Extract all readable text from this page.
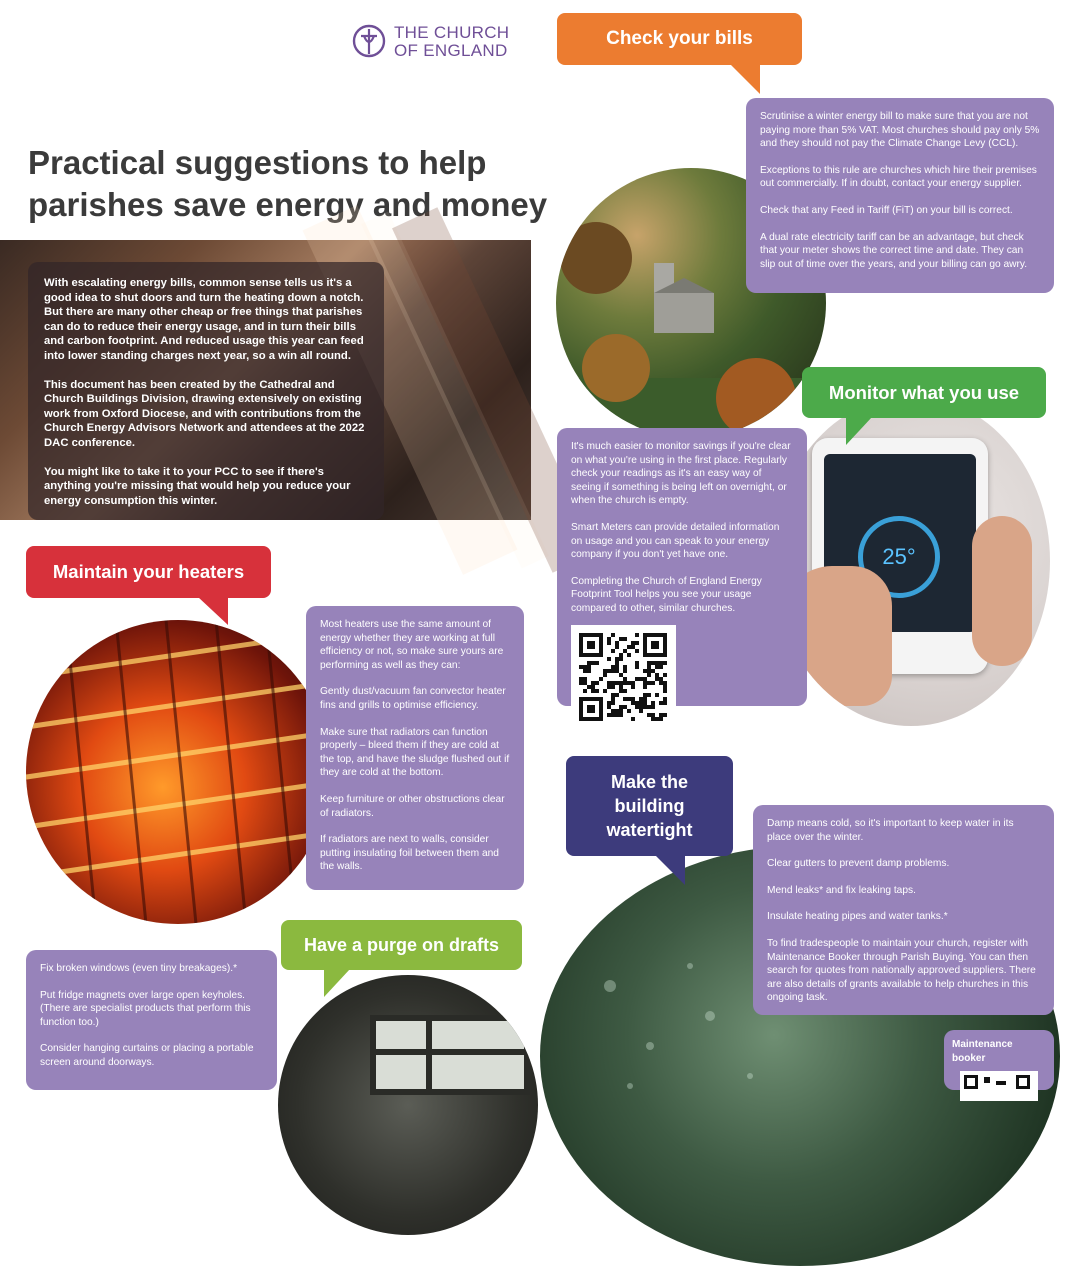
THE CHURCH
OF ENGLAND
Practical suggestions to help
parishes save energy and money

With escalating energy bills, common sense tells us it's a good idea to shut doors and turn the heating down a notch. But there are many other cheap or free things that parishes can do to reduce their energy usage, and in turn their bills and carbon footprint. And reduced usage this year can feed into lower standing charges next year, so a win all round.

This document has been created by the Cathedral and Church Buildings Division, drawing extensively on existing work from Oxford Diocese, and with contributions from the Church Energy Advisors Network and attendees at the 2022 DAC conference.

You might like to take it to your PCC to see if there's anything you're missing that would help you reduce your energy consumption this winter.

Check your bills

Scrutinise a winter energy bill to make sure that you are not paying more than 5% VAT. Most churches should pay only 5% and they should not pay the Climate Change Levy (CCL).

Exceptions to this rule are churches which hire their premises out commercially. If in doubt, contact your energy supplier.

Check that any Feed in Tariff (FiT) on your bill is correct.

A dual rate electricity tariff can be an advantage, but check that your meter shows the correct time and date. They can slip out of time over the years, and your billing can go awry.

25°
Monitor what you use

It's much easier to monitor savings if you're clear on what you're using in the first place. Regularly check your readings as it's an easy way of seeing if something is being left on overnight, or when the church is empty.

Smart Meters can provide detailed information on usage and you can speak to your energy company if you don't yet have one.

Completing the Church of England Energy Footprint Tool helps you see your usage compared to other, similar churches.

Maintain your heaters

Most heaters use the same amount of energy whether they are working at full efficiency or not, so make sure yours are performing as well as they can:

Gently dust/vacuum fan convector heater fins and grills to optimise efficiency.

Make sure that radiators can function properly – bleed them if they are cold at the top, and have the sludge flushed out if they are cold at the bottom.

Keep furniture or other obstructions clear of radiators.

If radiators are next to walls, consider putting insulating foil between them and the walls.

Make the
building
watertight	Damp means cold, so it's important to keep water in its place over the winter.

Clear gutters to prevent damp problems.

Mend leaks* and fix leaking taps.

Insulate heating pipes and water tanks.*

To find tradespeople to maintain your church, register with Maintenance Booker through Parish Buying. You can then search for quotes from nationally approved suppliers. There are also details of grants available to help churches in this ongoing task.

Maintenance booker
Have a purge on drafts

Fix broken windows (even tiny breakages).*

Put fridge magnets over large open keyholes. (There are specialist products that perform this function too.)

Consider hanging curtains or placing a portable screen around doorways.
